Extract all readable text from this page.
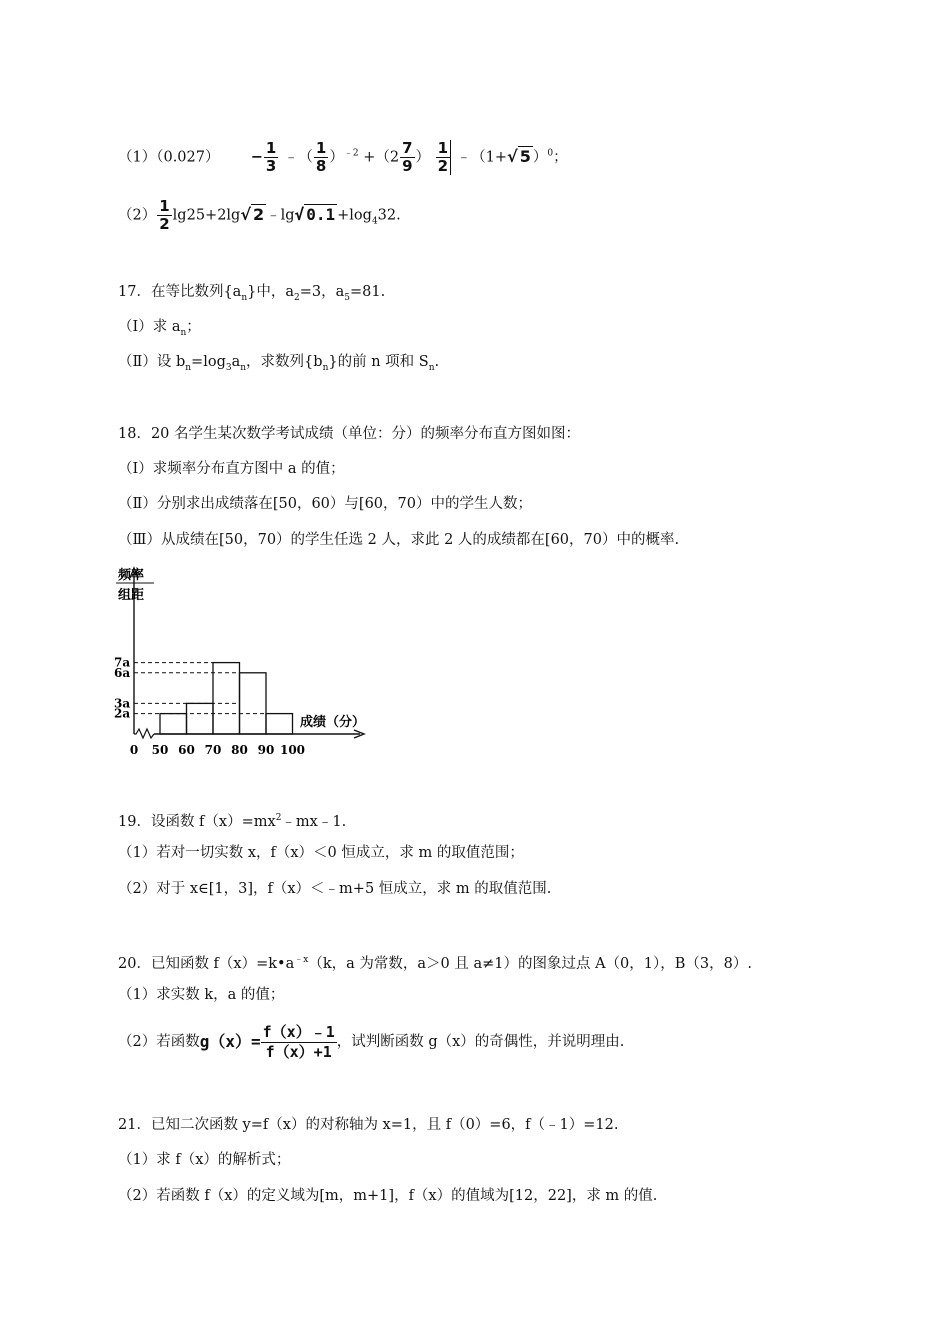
$(1)(0.027) - \frac{1}{3}$ ﹣（ $\frac{1}{8} )^{﹣2} +(2 \frac{7}{9}$ ） $\frac{1}{2}$ ﹣（1+√ 5 ）$^0$；
$(2) \frac{1}{2} \lg 25+2\lg√$ 2 ﹣lg√ $0.1 +\log_432$.
17．在等比数列$\{a_n\}$中，$a_2=3$，$a_5=81$.
（Ⅰ）求 $a_n$；
（Ⅱ）设 $b_n=\log_3a_n$，求数列$\{b_n\}$的前 n 项和 $S_n$.
18．20 名学生某次数学考试成绩（单位：分）的频率分布直方图如图：
（Ⅰ）求频率分布直方图中 a 的值；
（Ⅱ）分别求出成绩落在[50，60）与[60，70）中的学生人数；
（Ⅲ）从成绩在[50，70）的学生任选 2 人，求此 2 人的成绩都在[60，70）中的概率.
频率
组距
2a
3a
6a
7a
0 50 60 70 80 90 100
成绩（分）
19．设函数 $f(x)=mx^2﹣mx﹣1$.
（1）若对一切实数 x，f（x）＜0 恒成立，求 m 的取值范围；
（2）对于 x∈[1，3]，f（x）＜﹣m+5 恒成立，求 m 的取值范围.
20．已知函数 $f(x)=k•a^{﹣x}(k$，a 为常数，a＞0 且 a≠1）的图象过点 A（0，1），B（3，8）.
（1）求实数 k，a 的值；
（2）若函数$g(x)= \frac{f(x)﹣1}{f(x)+1}$ ，试判断函数 g（x）的奇偶性，并说明理由.
21．已知二次函数 y=f（x）的对称轴为 x=1，且 f（0）=6，f（﹣1）=12.
（1）求 f（x）的解析式；
（2）若函数 f（x）的定义域为[m，m+1]，f（x）的值域为[12，22]，求 m 的值.
